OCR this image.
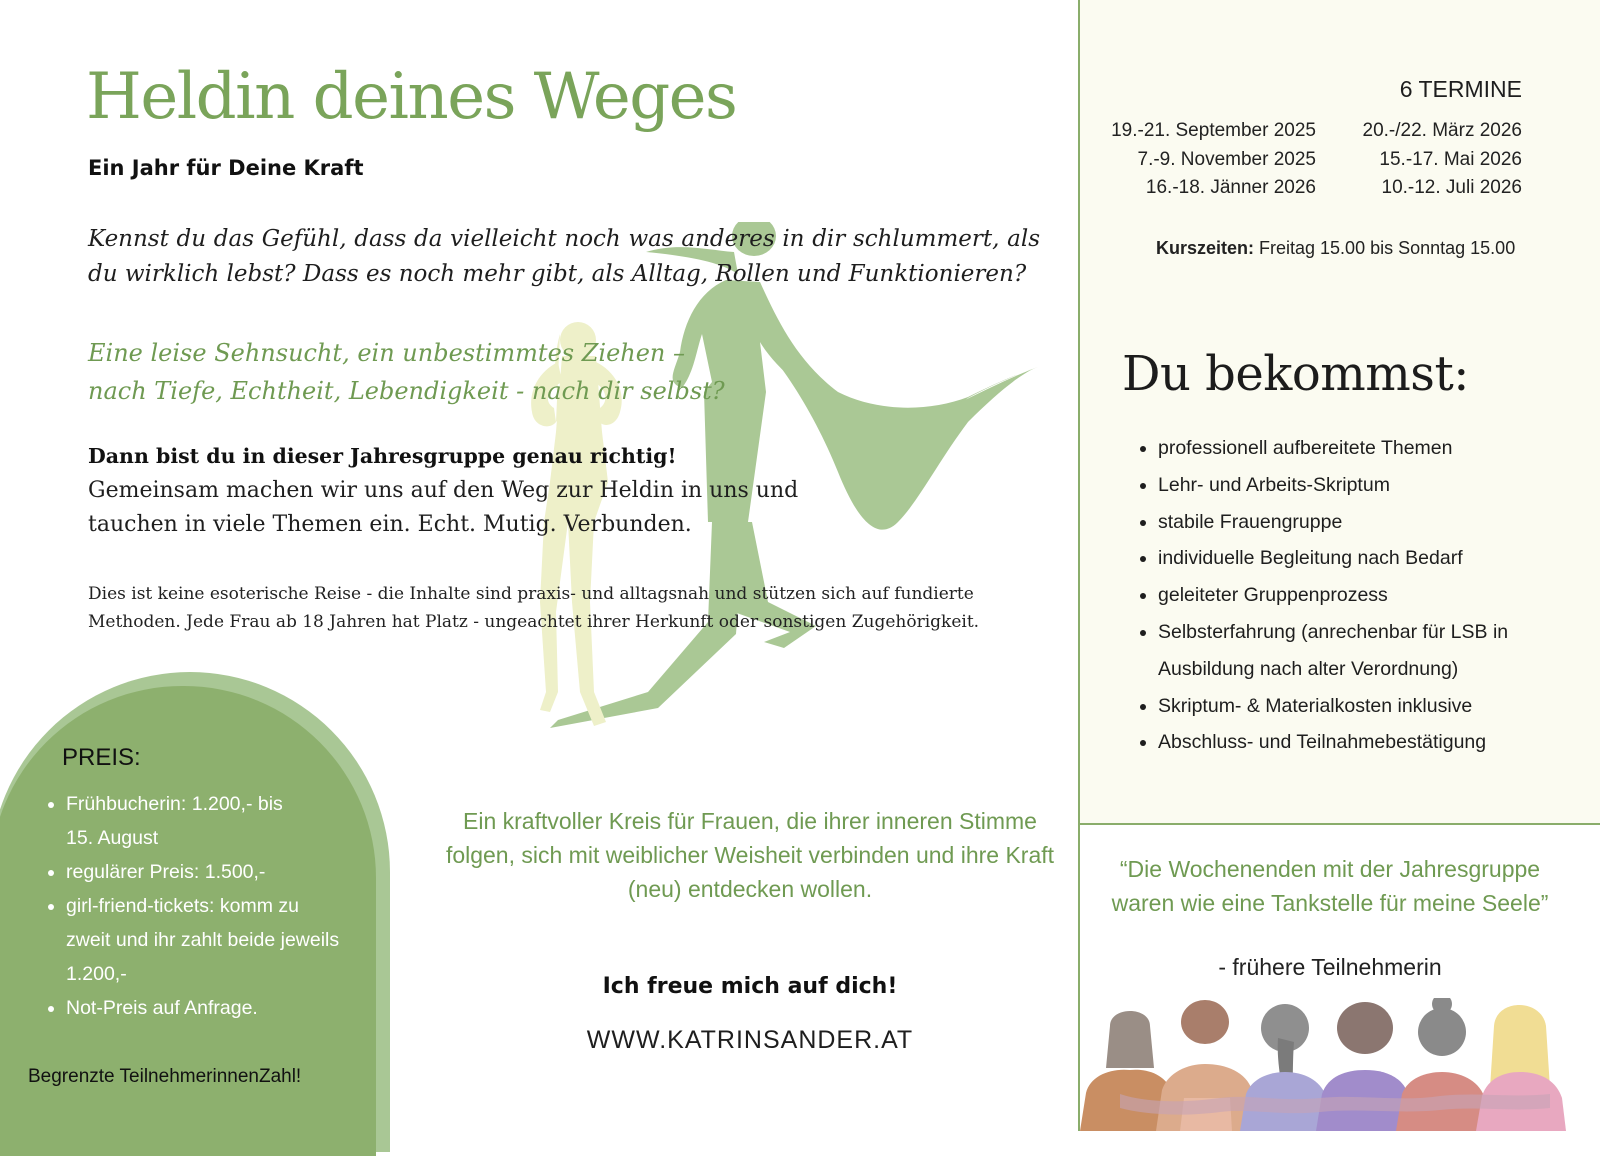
Heldin deines Weges
Ein Jahr für Deine Kraft
Kennst du das Gefühl, dass da vielleicht noch was anderes in dir schlummert, als du wirklich lebst? Dass es noch mehr gibt, als Alltag, Rollen und Funktionieren?
Eine leise Sehnsucht, ein unbestimmtes Ziehen –
nach Tiefe, Echtheit, Lebendigkeit - nach dir selbst?
Dann bist du in dieser Jahresgruppe genau richtig!
Gemeinsam machen wir uns auf den Weg zur Heldin in uns und tauchen in viele Themen ein. Echt. Mutig. Verbunden.
Dies ist keine esoterische Reise - die Inhalte sind praxis- und alltagsnah und stützen sich auf fundierte Methoden. Jede Frau ab 18 Jahren hat Platz - ungeachtet ihrer Herkunft oder sonstigen Zugehörigkeit.
6 TERMINE
19.-21. September 2025
7.-9. November 2025
16.-18. Jänner 2026
20.-/22. März 2026
15.-17. Mai 2026
10.-12. Juli 2026
Kurszeiten: Freitag 15.00 bis Sonntag 15.00
Du bekommst:
• professionell aufbereitete Themen
• Lehr- und Arbeits-Skriptum
• stabile Frauengruppe
• individuelle Begleitung nach Bedarf
• geleiteter Gruppenprozess
• Selbsterfahrung (anrechenbar für LSB in Ausbildung nach alter Verordnung)
• Skriptum- & Materialkosten inklusive
• Abschluss- und Teilnahmebestätigung
“Die Wochenenden mit der Jahresgruppe waren wie eine Tankstelle für meine Seele”
- frühere Teilnehmerin
PREIS:
• Frühbucherin: 1.200,- bis      15. August
• regulärer Preis: 1.500,-
• girl-friend-tickets: komm zu zweit und ihr zahlt beide jeweils 1.200,-
• Not-Preis auf Anfrage.
Begrenzte TeilnehmerinnenZahl!
Ein kraftvoller Kreis für Frauen, die ihrer inneren Stimme folgen, sich mit weiblicher Weisheit verbinden und ihre Kraft (neu) entdecken wollen.
Ich freue mich auf dich!
WWW.KATRINSANDER.AT
